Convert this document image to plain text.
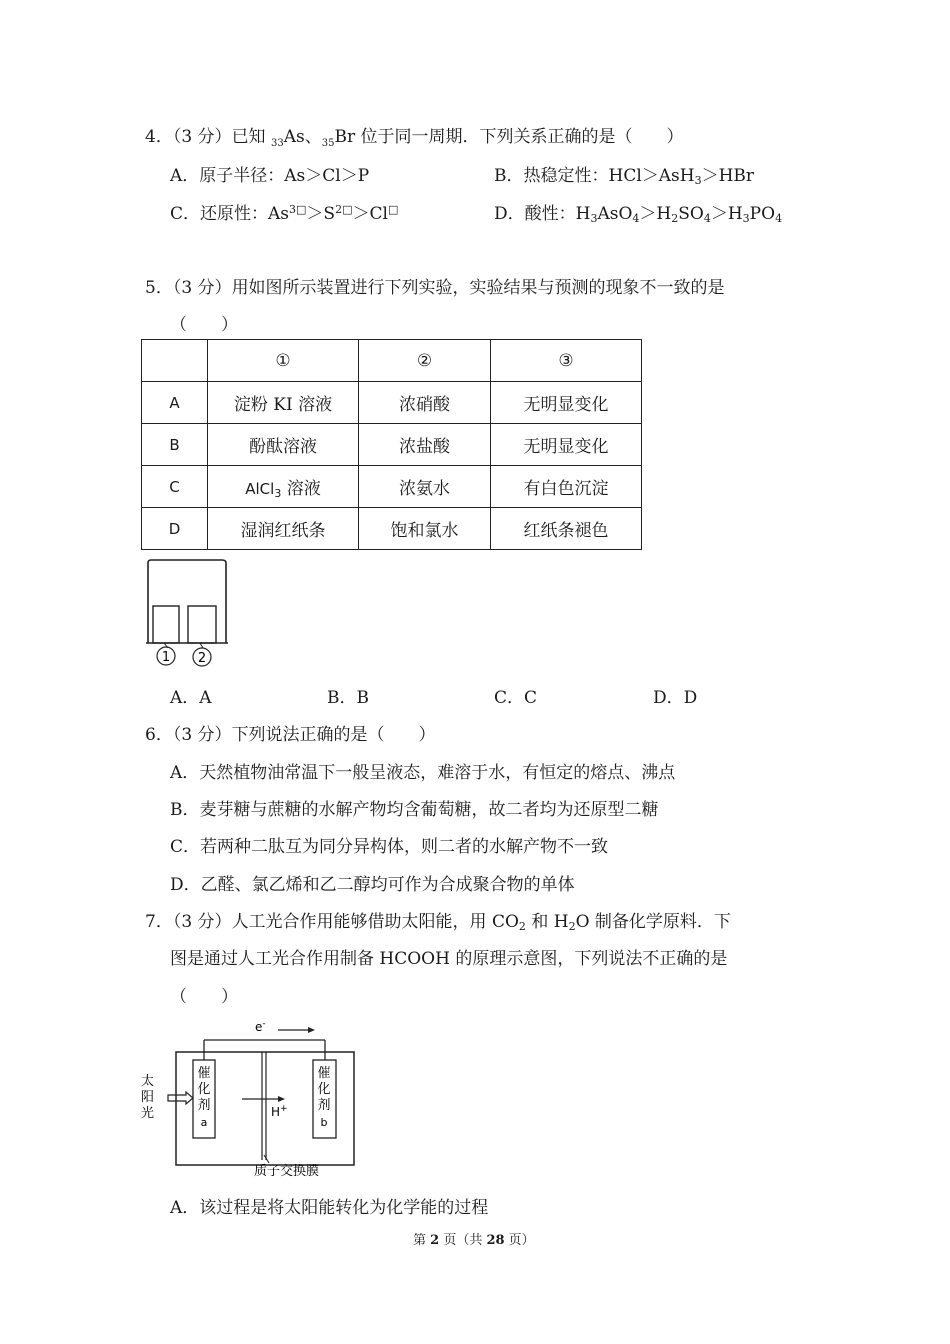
4．（3 分）已知 $_{33}$As、$_{35}$Br 位于同一周期．下列关系正确的是（　　）
A．原子半径：As＞Cl＞P	B．热稳定性：HCl＞AsH$_3$＞HBr
C．还原性：$As^{3□}>S^{2□}>Cl^□$	D．酸性：$H_3AsO_4>H_2SO_4>H_3PO_4$
5．（3 分）用如图所示装置进行下列实验，实验结果与预测的现象不一致的是
（　　）
	①	②	③
A	淀粉 KI 溶液	浓硝酸	无明显变化
B	酚酞溶液	浓盐酸	无明显变化
C	AlCl$_3$ 溶液	浓氨水	有白色沉淀
D	湿润红纸条	饱和氯水	红纸条褪色
1 2
A．A	B．B	C．C	D．D
6．（3 分）下列说法正确的是（　　）
A．天然植物油常温下一般呈液态，难溶于水，有恒定的熔点、沸点
B．麦芽糖与蔗糖的水解产物均含葡萄糖，故二者均为还原型二糖
C．若两种二肽互为同分异构体，则二者的水解产物不一致
D．乙醛、氯乙烯和乙二醇均可作为合成聚合物的单体
7．（3 分）人工光合作用能够借助太阳能，用 $CO_2$ 和 $H_2O$ 制备化学原料．下
图是通过人工光合作用制备 HCOOH 的原理示意图，下列说法不正确的是
（　　）
e-
催
化
剂
a
催
化
剂
b
H+
太
阳
光
质子交换膜
A．该过程是将太阳能转化为化学能的过程
第 2 页（共 28 页）
